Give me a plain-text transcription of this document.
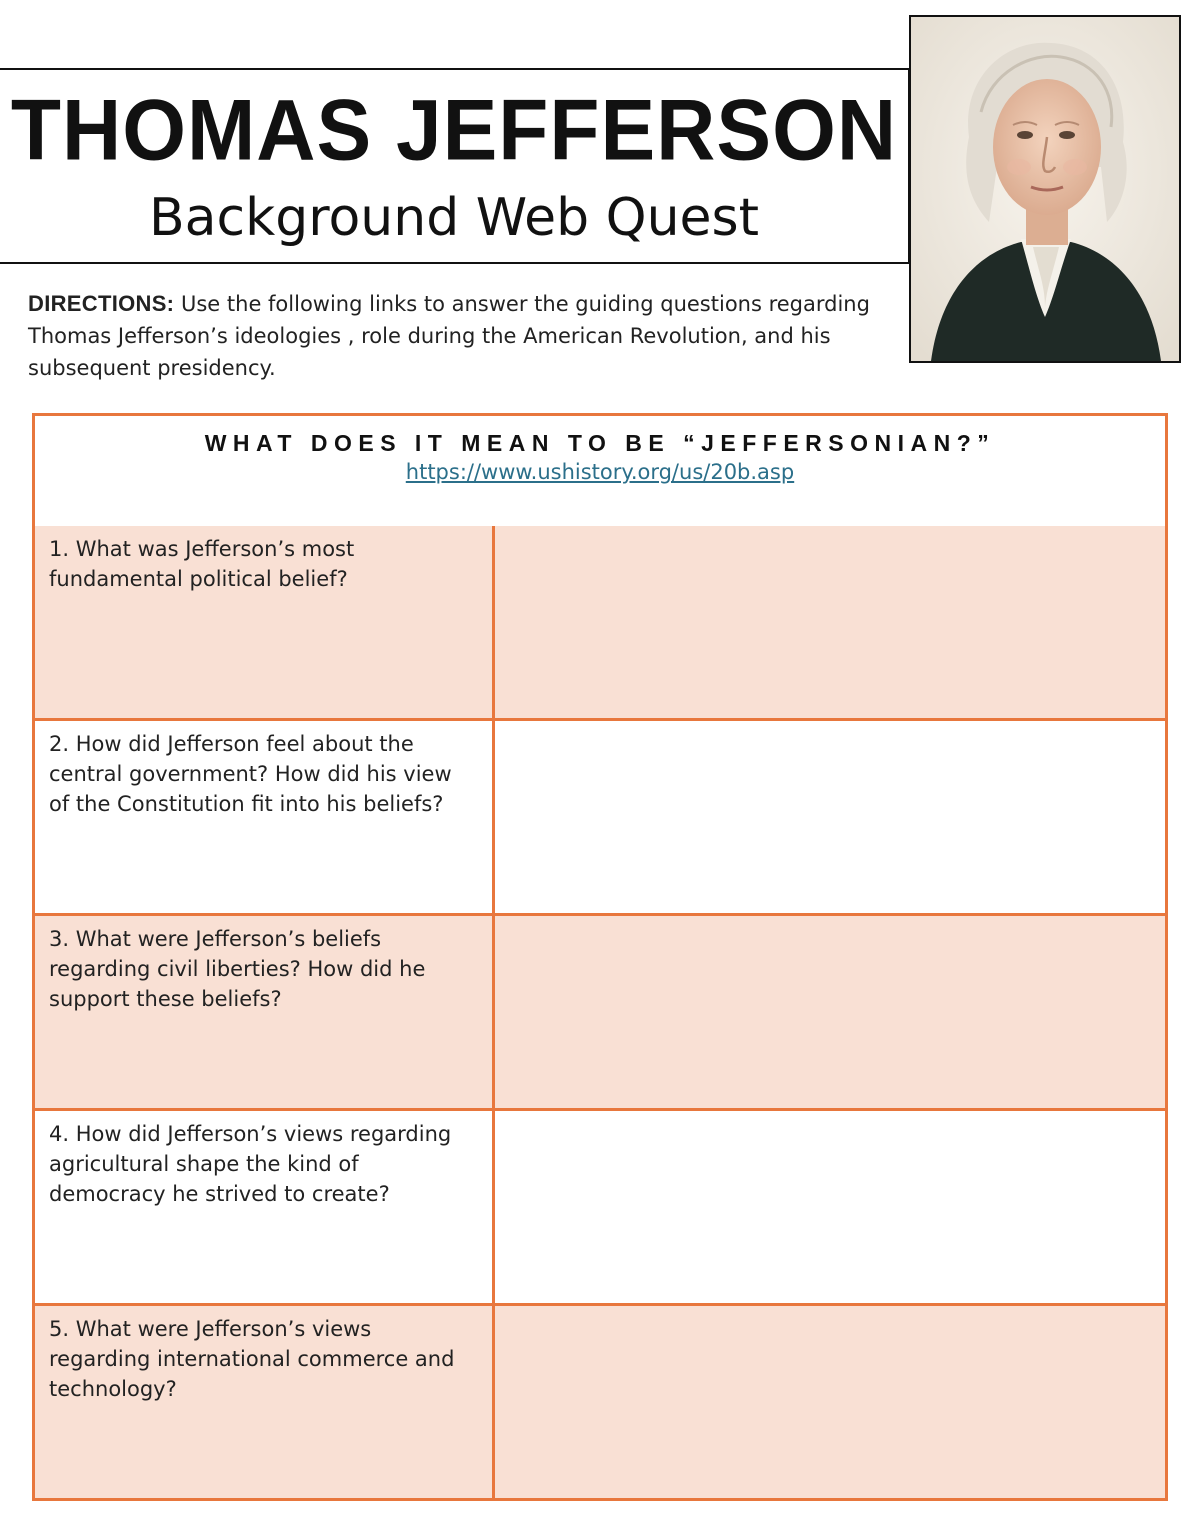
THOMAS JEFFERSON
Background Web Quest
DIRECTIONS: Use the following links to answer the guiding questions regarding Thomas Jefferson’s ideologies , role during the American Revolution, and his subsequent presidency.
WHAT DOES IT MEAN TO BE “JEFFERSONIAN?”
https://www.ushistory.org/us/20b.asp
1. What was Jefferson’s most fundamental political belief?
2. How did Jefferson feel about the central government? How did his view of the Constitution fit into his beliefs?
3. What were Jefferson’s beliefs regarding civil liberties? How did he support these beliefs?
4. How did Jefferson’s views regarding agricultural shape the kind of democracy he strived to create?
5. What were Jefferson’s views regarding international commerce and technology?
